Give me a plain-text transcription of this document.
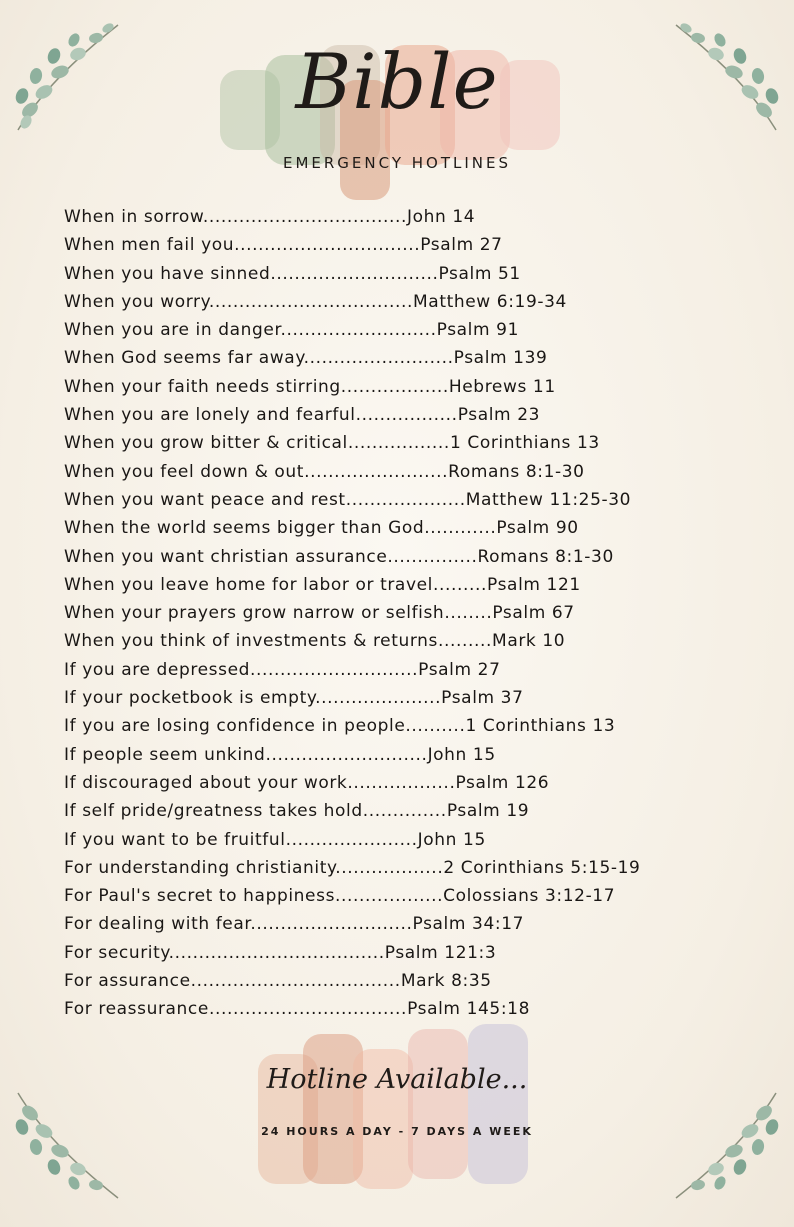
Bible
EMERGENCY HOTLINES
When in sorrow..................................John 14
When men fail you...............................Psalm 27
When you have sinned............................Psalm 51
When you worry..................................Matthew 6:19-34
When you are in danger..........................Psalm 91
When God seems far away.........................Psalm 139
When your faith needs stirring..................Hebrews 11
When you are lonely and fearful.................Psalm 23
When you grow bitter & critical.................1 Corinthians 13
When you feel down & out........................Romans 8:1-30
When you want peace and rest....................Matthew 11:25-30
When the world seems bigger than God............Psalm 90
When you want christian assurance...............Romans 8:1-30
When you leave home for labor or travel.........Psalm 121
When your prayers grow narrow or selfish........Psalm 67
When you think of investments & returns.........Mark 10
If you are depressed............................Psalm 27
If your pocketbook is empty.....................Psalm 37
If you are losing confidence in people..........1 Corinthians 13
If people seem unkind...........................John 15
If discouraged about your work..................Psalm 126
If self pride/greatness takes hold..............Psalm 19
If you want to be fruitful......................John 15
For understanding christianity..................2 Corinthians 5:15-19
For Paul's secret to happiness..................Colossians 3:12-17
For dealing with fear...........................Psalm 34:17
For security....................................Psalm 121:3
For assurance...................................Mark 8:35
For reassurance.................................Psalm 145:18
Hotline Available...
24 HOURS A DAY - 7 DAYS A WEEK
